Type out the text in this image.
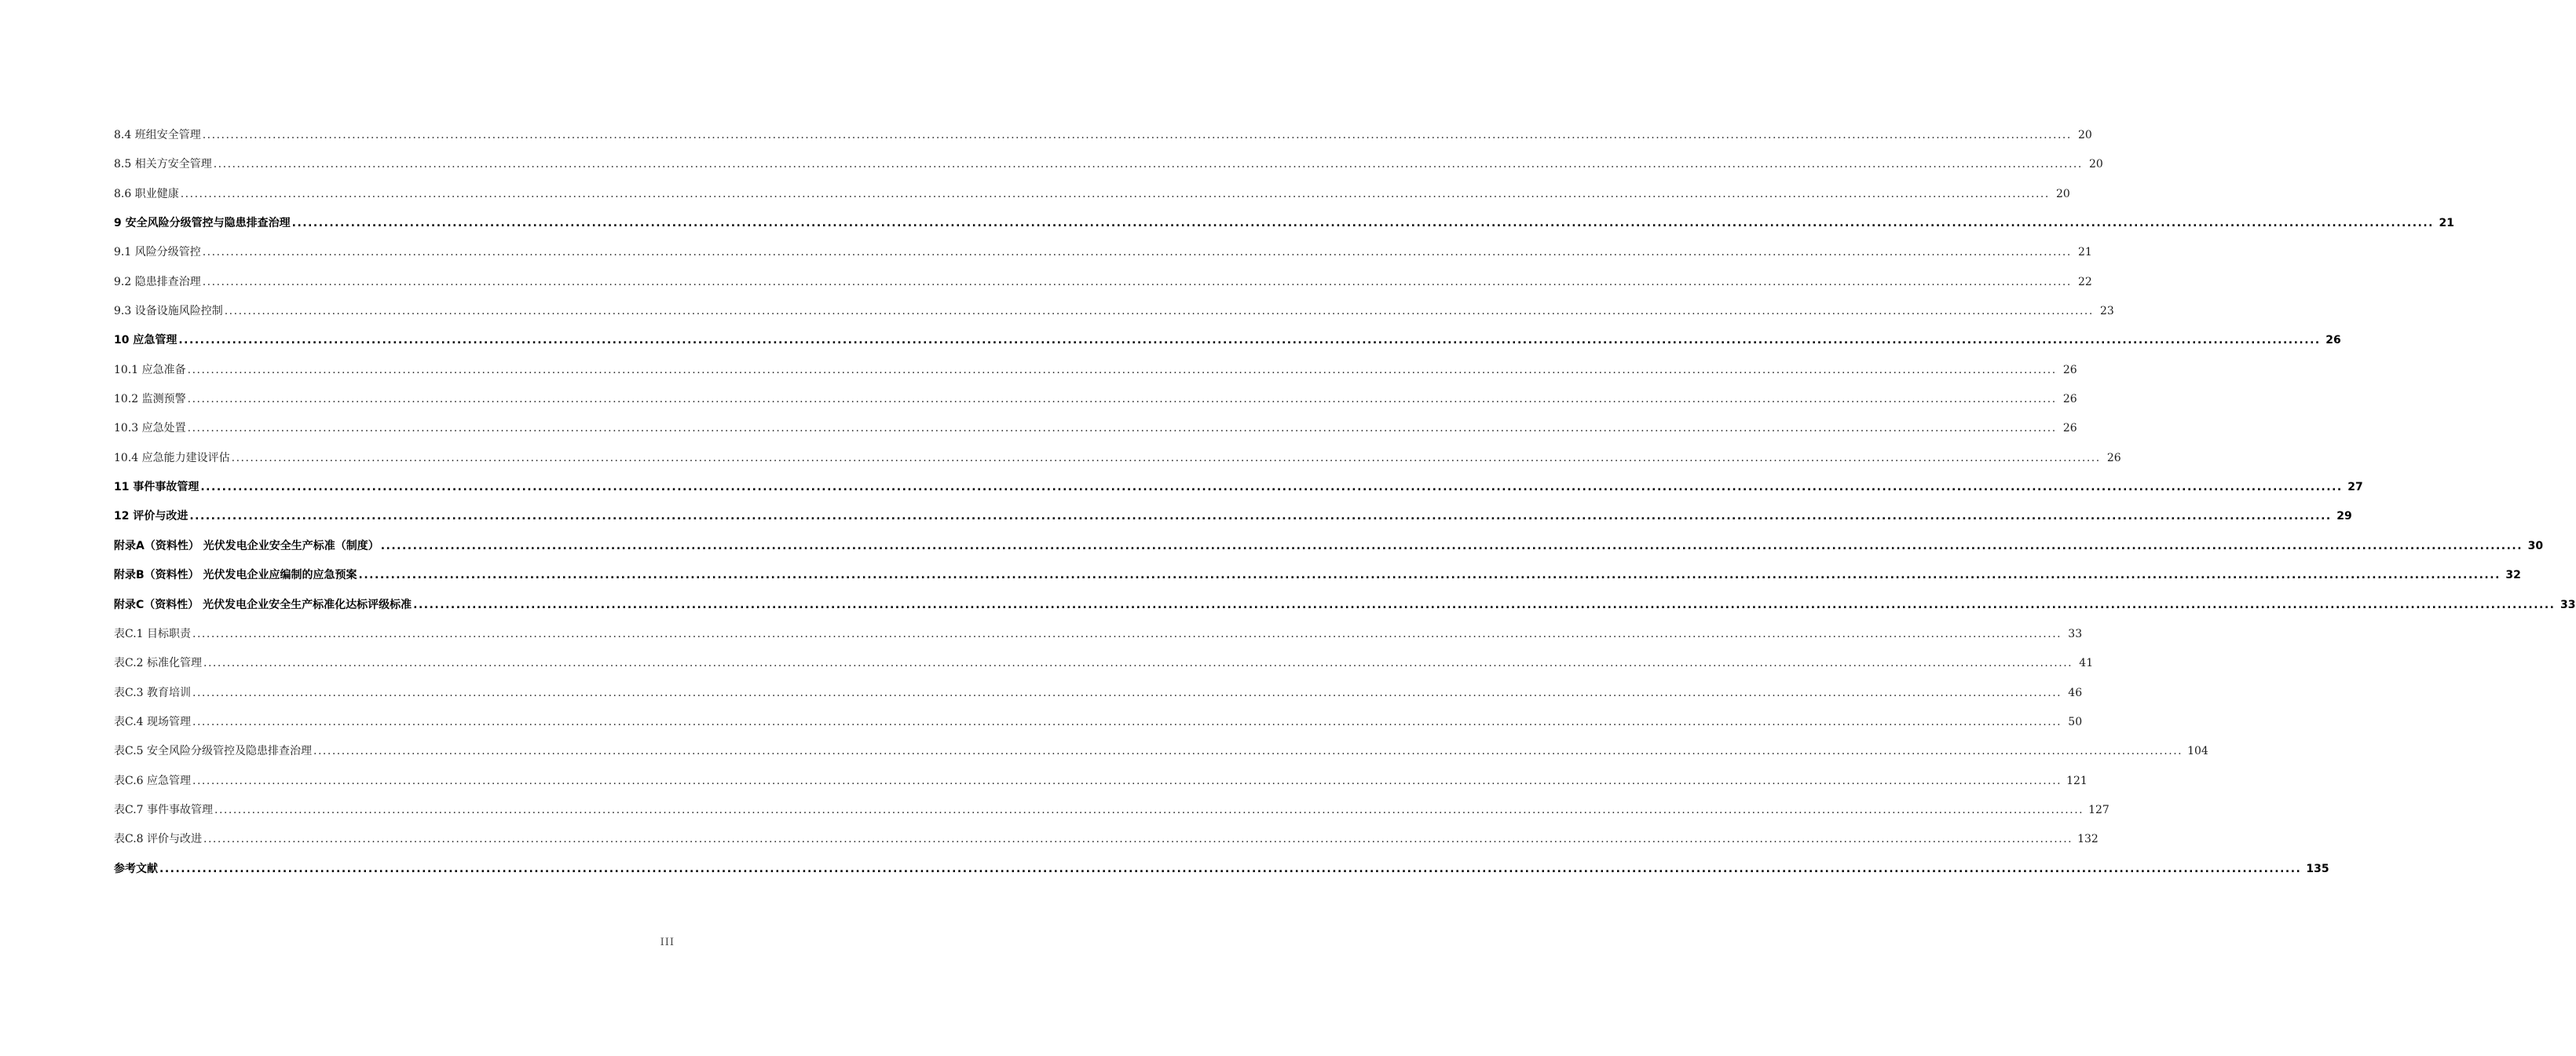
8.4 班组安全管理 ................................................................................................................................................................................................................................................................................................................................................................................................................ 20
8.5 相关方安全管理 ................................................................................................................................................................................................................................................................................................................................................................................................................ 20
8.6 职业健康 ................................................................................................................................................................................................................................................................................................................................................................................................................ 20
9 安全风险分级管控与隐患排查治理 ................................................................................................................................................................................................................................................................................................................................................................................................................ 21
9.1 风险分级管控 ................................................................................................................................................................................................................................................................................................................................................................................................................ 21
9.2 隐患排查治理 ................................................................................................................................................................................................................................................................................................................................................................................................................ 22
9.3 设备设施风险控制 ................................................................................................................................................................................................................................................................................................................................................................................................................ 23
10 应急管理 ................................................................................................................................................................................................................................................................................................................................................................................................................ 26
10.1 应急准备 ................................................................................................................................................................................................................................................................................................................................................................................................................ 26
10.2 监测预警 ................................................................................................................................................................................................................................................................................................................................................................................................................ 26
10.3 应急处置 ................................................................................................................................................................................................................................................................................................................................................................................................................ 26
10.4 应急能力建设评估 ................................................................................................................................................................................................................................................................................................................................................................................................................ 26
11 事件事故管理 ................................................................................................................................................................................................................................................................................................................................................................................................................ 27
12 评价与改进 ................................................................................................................................................................................................................................................................................................................................................................................................................ 29
附录A（资料性） 光伏发电企业安全生产标准（制度） ................................................................................................................................................................................................................................................................................................................................................................................................................ 30
附录B（资料性） 光伏发电企业应编制的应急预案 ................................................................................................................................................................................................................................................................................................................................................................................................................ 32
附录C（资料性） 光伏发电企业安全生产标准化达标评级标准 ................................................................................................................................................................................................................................................................................................................................................................................................................ 33
表C.1 目标职责 ................................................................................................................................................................................................................................................................................................................................................................................................................ 33
表C.2 标准化管理 ................................................................................................................................................................................................................................................................................................................................................................................................................ 41
表C.3 教育培训 ................................................................................................................................................................................................................................................................................................................................................................................................................ 46
表C.4 现场管理 ................................................................................................................................................................................................................................................................................................................................................................................................................ 50
表C.5 安全风险分级管控及隐患排查治理 ................................................................................................................................................................................................................................................................................................................................................................................................................ 104
表C.6 应急管理 ................................................................................................................................................................................................................................................................................................................................................................................................................ 121
表C.7 事件事故管理 ................................................................................................................................................................................................................................................................................................................................................................................................................ 127
表C.8 评价与改进 ................................................................................................................................................................................................................................................................................................................................................................................................................ 132
参考文献 ................................................................................................................................................................................................................................................................................................................................................................................................................ 135
III
